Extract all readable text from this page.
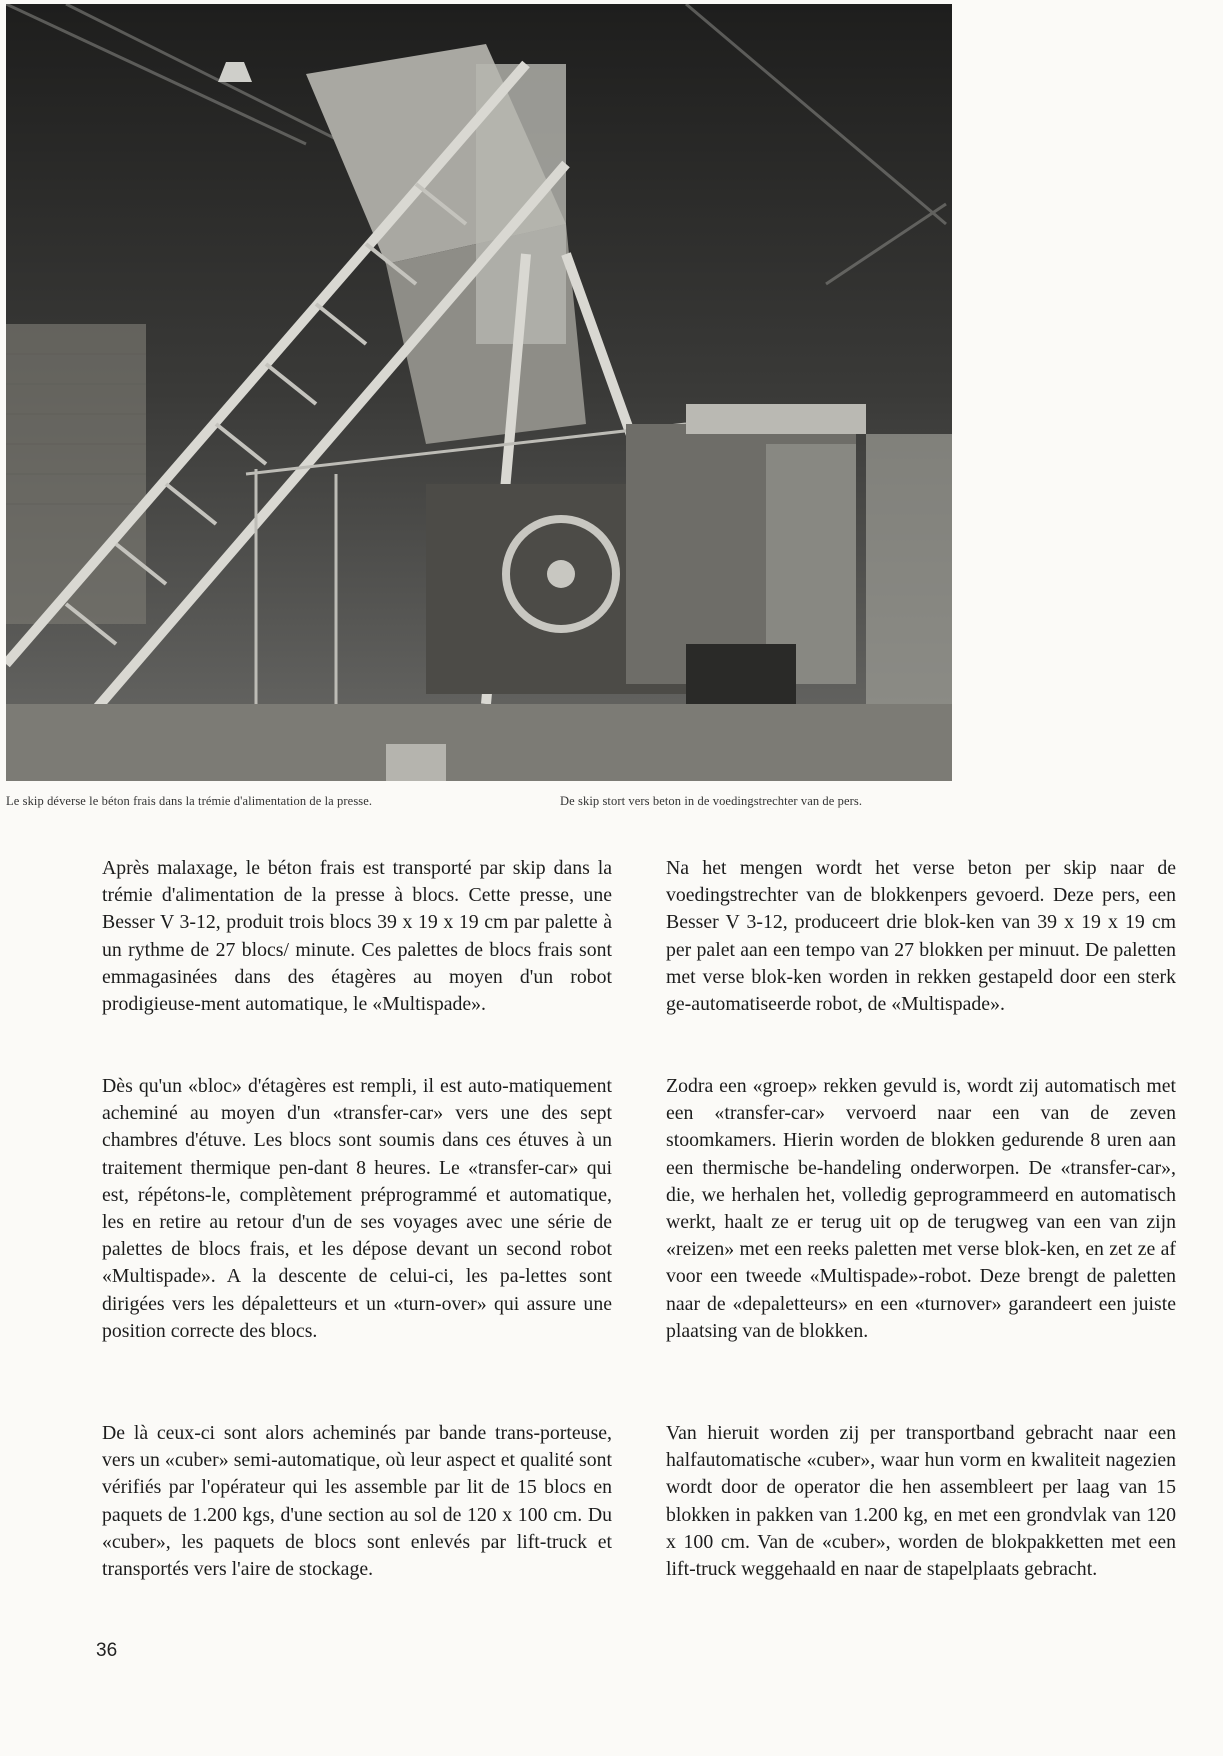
Le skip déverse le béton frais dans la trémie d'alimentation de la presse.	De skip stort vers beton in de voedingstrechter van de pers.

Après malaxage, le béton frais est transporté par skip dans la trémie d'alimentation de la presse à blocs. Cette presse, une Besser V 3-12, produit trois blocs 39 x 19 x 19 cm par palette à un rythme de 27 blocs/ minute. Ces palettes de blocs frais sont emmagasinées dans des étagères au moyen d'un robot prodigieuse-ment automatique, le «Multispade».

Dès qu'un «bloc» d'étagères est rempli, il est auto-matiquement acheminé au moyen d'un «transfer-car» vers une des sept chambres d'étuve. Les blocs sont soumis dans ces étuves à un traitement thermique pen-dant 8 heures. Le «transfer-car» qui est, répétons-le, complètement préprogrammé et automatique, les en retire au retour d'un de ses voyages avec une série de palettes de blocs frais, et les dépose devant un second robot «Multispade». A la descente de celui-ci, les pa-lettes sont dirigées vers les dépaletteurs et un «turn-over» qui assure une position correcte des blocs.

De là ceux-ci sont alors acheminés par bande trans-porteuse, vers un «cuber» semi-automatique, où leur aspect et qualité sont vérifiés par l'opérateur qui les assemble par lit de 15 blocs en paquets de 1.200 kgs, d'une section au sol de 120 x 100 cm. Du «cuber», les paquets de blocs sont enlevés par lift-truck et transportés vers l'aire de stockage.

Na het mengen wordt het verse beton per skip naar de voedingstrechter van de blokkenpers gevoerd. Deze pers, een Besser V 3-12, produceert drie blok-ken van 39 x 19 x 19 cm per palet aan een tempo van 27 blokken per minuut. De paletten met verse blok-ken worden in rekken gestapeld door een sterk ge-automatiseerde robot, de «Multispade».

Zodra een «groep» rekken gevuld is, wordt zij automatisch met een «transfer-car» vervoerd naar een van de zeven stoomkamers. Hierin worden de blokken gedurende 8 uren aan een thermische be-handeling onderworpen. De «transfer-car», die, we herhalen het, volledig geprogrammeerd en automatisch werkt, haalt ze er terug uit op de terugweg van een van zijn «reizen» met een reeks paletten met verse blok-ken, en zet ze af voor een tweede «Multispade»-robot. Deze brengt de paletten naar de «depaletteurs» en een «turnover» garandeert een juiste plaatsing van de blokken.

Van hieruit worden zij per transportband gebracht naar een halfautomatische «cuber», waar hun vorm en kwaliteit nagezien wordt door de operator die hen assembleert per laag van 15 blokken in pakken van 1.200 kg, en met een grondvlak van 120 x 100 cm. Van de «cuber», worden de blokpakketten met een lift-truck weggehaald en naar de stapelplaats gebracht.

36
